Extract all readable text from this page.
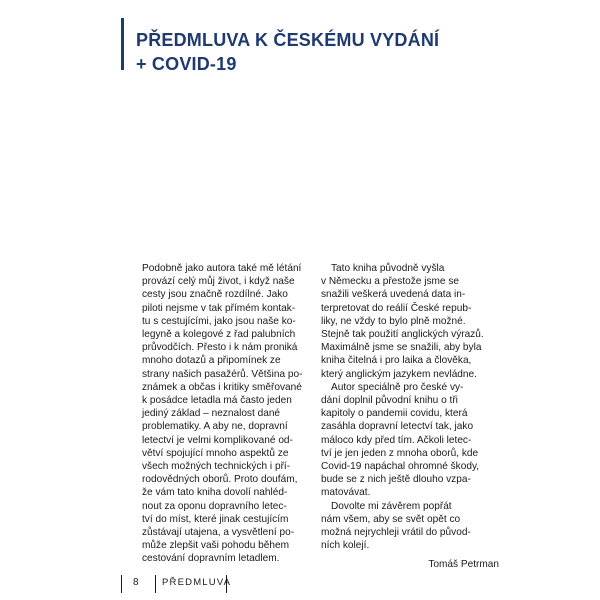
PŘEDMLUVA K ČESKÉMU VYDÁNÍ
+ COVID-19

Podobně jako autora také mě létání
provází celý můj život, i když naše
cesty jsou značně rozdílné. Jako
piloti nejsme v tak přímém kontak-
tu s cestujícími, jako jsou naše ko-
legyně a kolegové z řad palubních
průvodčích. Přesto i k nám proniká
mnoho dotazů a připomínek ze
strany našich pasažérů. Většina po-
známek a občas i kritiky směřované
k posádce letadla má často jeden
jediný základ – neznalost dané
problematiky. A aby ne, dopravní
letectví je velmi komplikované od-
větví spojující mnoho aspektů ze
všech možných technických i pří-
rodovědných oborů. Proto doufám,
že vám tato kniha dovolí nahléd-
nout za oponu dopravního letec-
tví do míst, které jinak cestujícím
zůstávají utajena, a vysvětlení po-
může zlepšit vaši pohodu během
cestování dopravním letadlem.

Tato kniha původně vyšla
v Německu a přestože jsme se
snažili veškerá uvedená data in-
terpretovat do reálií České repub-
liky, ne vždy to bylo plně možné.
Stejně tak použití anglických výrazů.
Maximálně jsme se snažili, aby byla
kniha čitelná i pro laika a člověka,
který anglickým jazykem nevládne.

Autor speciálně pro české vy-
dání doplnil původní knihu o tři
kapitoly o pandemii covidu, která
zasáhla dopravní letectví tak, jako
máloco kdy před tím. Ačkoli letec-
tví je jen jeden z mnoha oborů, kde
Covid-19 napáchal ohromné škody,
bude se z nich ještě dlouho vzpa-
matovávat.

Dovolte mi závěrem popřát
nám všem, aby se svět opět co
možná nejrychleji vrátil do původ-
ních kolejí.

Tomáš Petrman
8 PŘEDMLUVA
